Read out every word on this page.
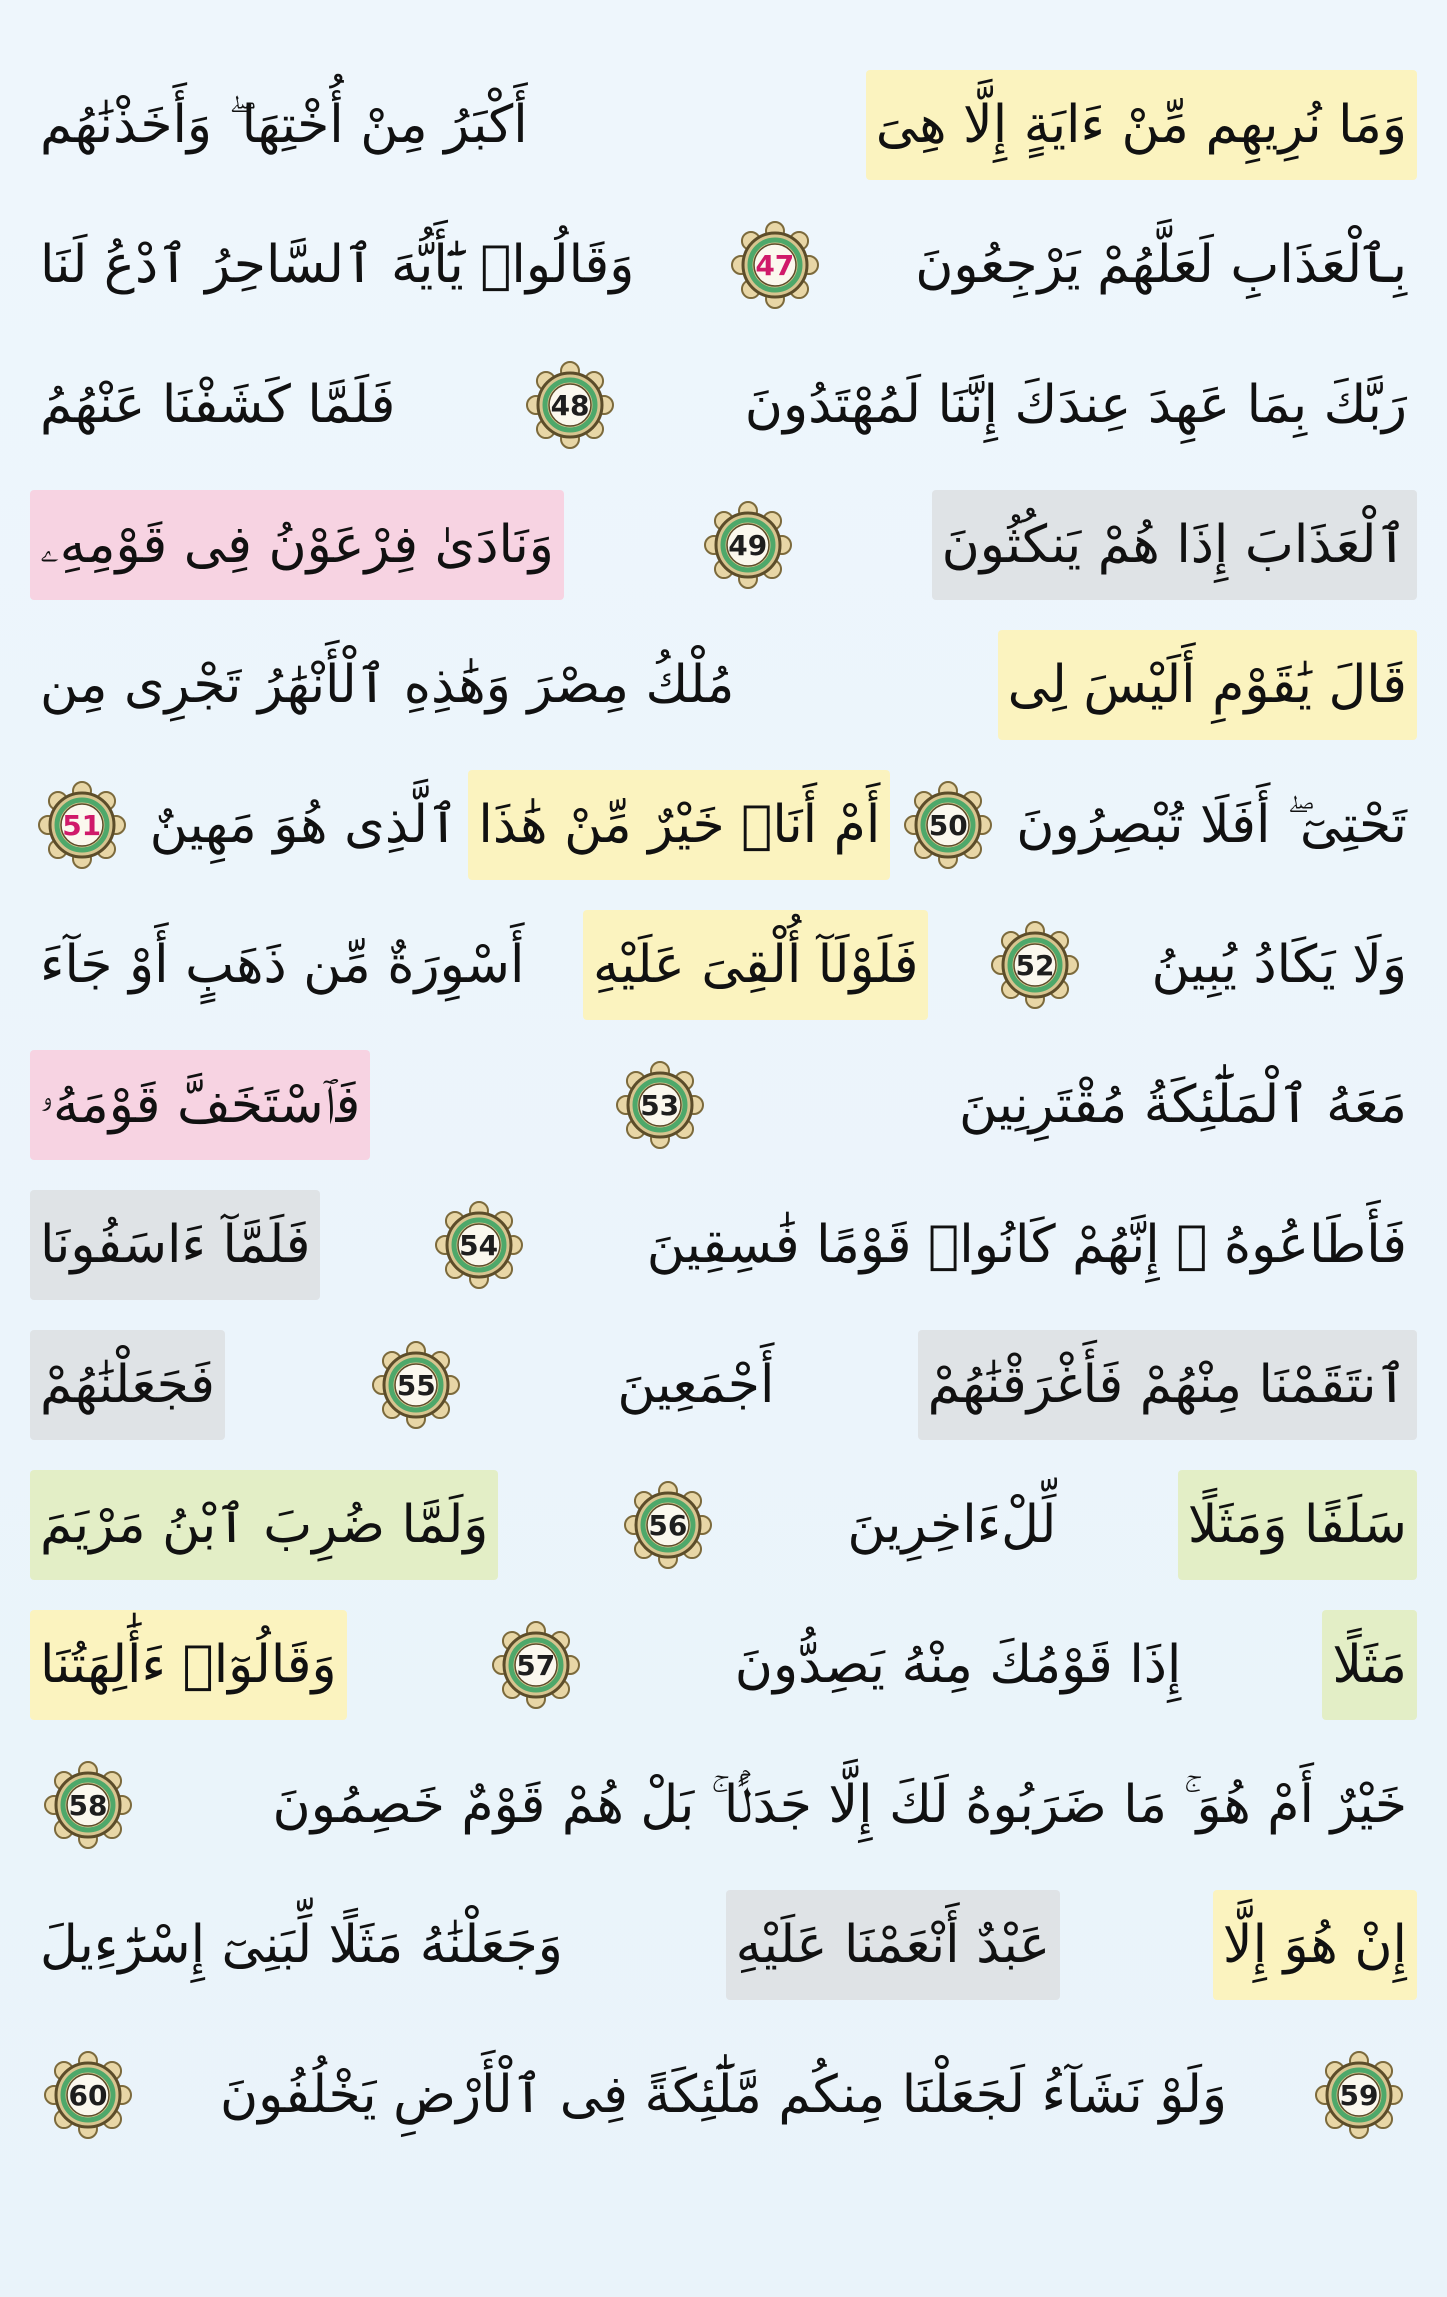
وَمَا نُرِيهِم مِّنْ ءَايَةٍ إِلَّا هِىَ
أَكْبَرُ مِنْ أُخْتِهَا ۖ وَأَخَذْنَٰهُم
بِٱلْعَذَابِ لَعَلَّهُمْ يَرْجِعُونَ
47
وَقَالُوا۟ يَٰٓأَيُّهَ ٱلسَّاحِرُ ٱدْعُ لَنَا
رَبَّكَ بِمَا عَهِدَ عِندَكَ إِنَّنَا لَمُهْتَدُونَ
48
فَلَمَّا كَشَفْنَا عَنْهُمُ
ٱلْعَذَابَ إِذَا هُمْ يَنكُثُونَ
49
وَنَادَىٰ فِرْعَوْنُ فِى قَوْمِهِۦ
قَالَ يَٰقَوْمِ أَلَيْسَ لِى
مُلْكُ مِصْرَ وَهَٰذِهِ ٱلْأَنْهَٰرُ تَجْرِى مِن
تَحْتِىٓ ۖ أَفَلَا تُبْصِرُونَ
50
أَمْ أَنَا۠ خَيْرٌ مِّنْ هَٰذَا
ٱلَّذِى هُوَ مَهِينٌ
51
وَلَا يَكَادُ يُبِينُ
52
فَلَوْلَآ أُلْقِىَ عَلَيْهِ
أَسْوِرَةٌ مِّن ذَهَبٍ أَوْ جَآءَ
مَعَهُ ٱلْمَلَٰٓئِكَةُ مُقْتَرِنِينَ
53
فَٱسْتَخَفَّ قَوْمَهُۥ
فَأَطَاعُوهُ ۚ إِنَّهُمْ كَانُوا۟ قَوْمًا فَٰسِقِينَ
54
فَلَمَّآ ءَاسَفُونَا
ٱنتَقَمْنَا مِنْهُمْ فَأَغْرَقْنَٰهُمْ
أَجْمَعِينَ
55
فَجَعَلْنَٰهُمْ
سَلَفًا وَمَثَلًا
لِّلْءَاخِرِينَ
56
وَلَمَّا ضُرِبَ ٱبْنُ مَرْيَمَ
مَثَلًا
إِذَا قَوْمُكَ مِنْهُ يَصِدُّونَ
57
وَقَالُوٓا۟ ءَأَٰلِهَتُنَا
خَيْرٌ أَمْ هُوَ ۚ مَا ضَرَبُوهُ لَكَ إِلَّا جَدَلًۢا ۚ بَلْ هُمْ قَوْمٌ خَصِمُونَ
58
إِنْ هُوَ إِلَّا
عَبْدٌ أَنْعَمْنَا عَلَيْهِ
وَجَعَلْنَٰهُ مَثَلًا لِّبَنِىٓ إِسْرَٰٓءِيلَ
59
وَلَوْ نَشَآءُ لَجَعَلْنَا مِنكُم مَّلَٰٓئِكَةً فِى ٱلْأَرْضِ يَخْلُفُونَ
60
